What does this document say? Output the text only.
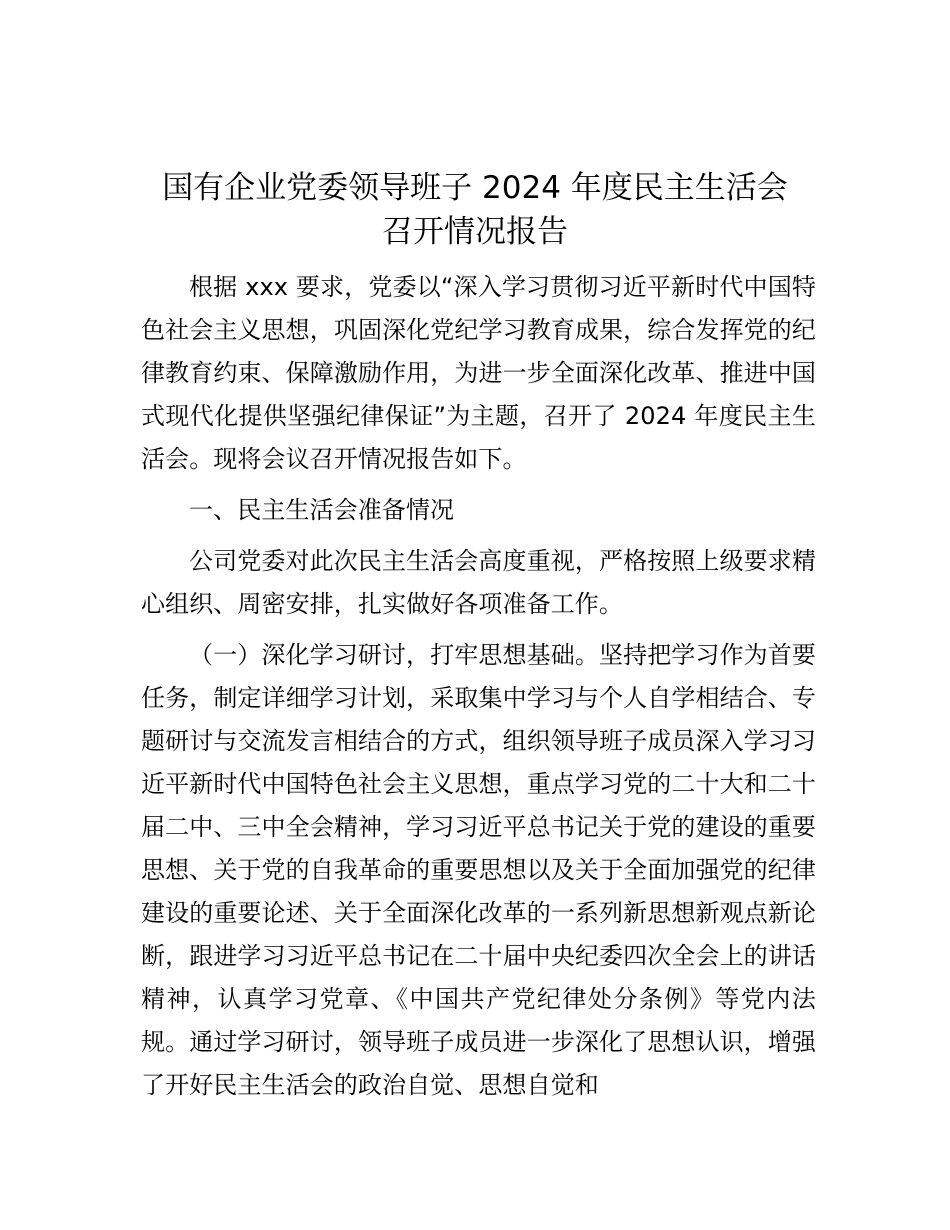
国有企业党委领导班子 2024 年度民主生活会
召开情况报告

根据 xxx 要求，党委以“深入学习贯彻习近平新时代中国特色社会主义思想，巩固深化党纪学习教育成果，综合发挥党的纪律教育约束、保障激励作用，为进一步全面深化改革、推进中国式现代化提供坚强纪律保证”为主题，召开了 2024 年度民主生活会。现将会议召开情况报告如下。

一、民主生活会准备情况

公司党委对此次民主生活会高度重视，严格按照上级要求精心组织、周密安排，扎实做好各项准备工作。

（一）深化学习研讨，打牢思想基础。坚持把学习作为首要任务，制定详细学习计划，采取集中学习与个人自学相结合、专题研讨与交流发言相结合的方式，组织领导班子成员深入学习习近平新时代中国特色社会主义思想，重点学习党的二十大和二十届二中、三中全会精神，学习习近平总书记关于党的建设的重要思想、关于党的自我革命的重要思想以及关于全面加强党的纪律建设的重要论述、关于全面深化改革的一系列新思想新观点新论断，跟进学习习近平总书记在二十届中央纪委四次全会上的讲话精神，认真学习党章、《中国共产党纪律处分条例》等党内法规。通过学习研讨，领导班子成员进一步深化了思想认识，增强了开好民主生活会的政治自觉、思想自觉和
